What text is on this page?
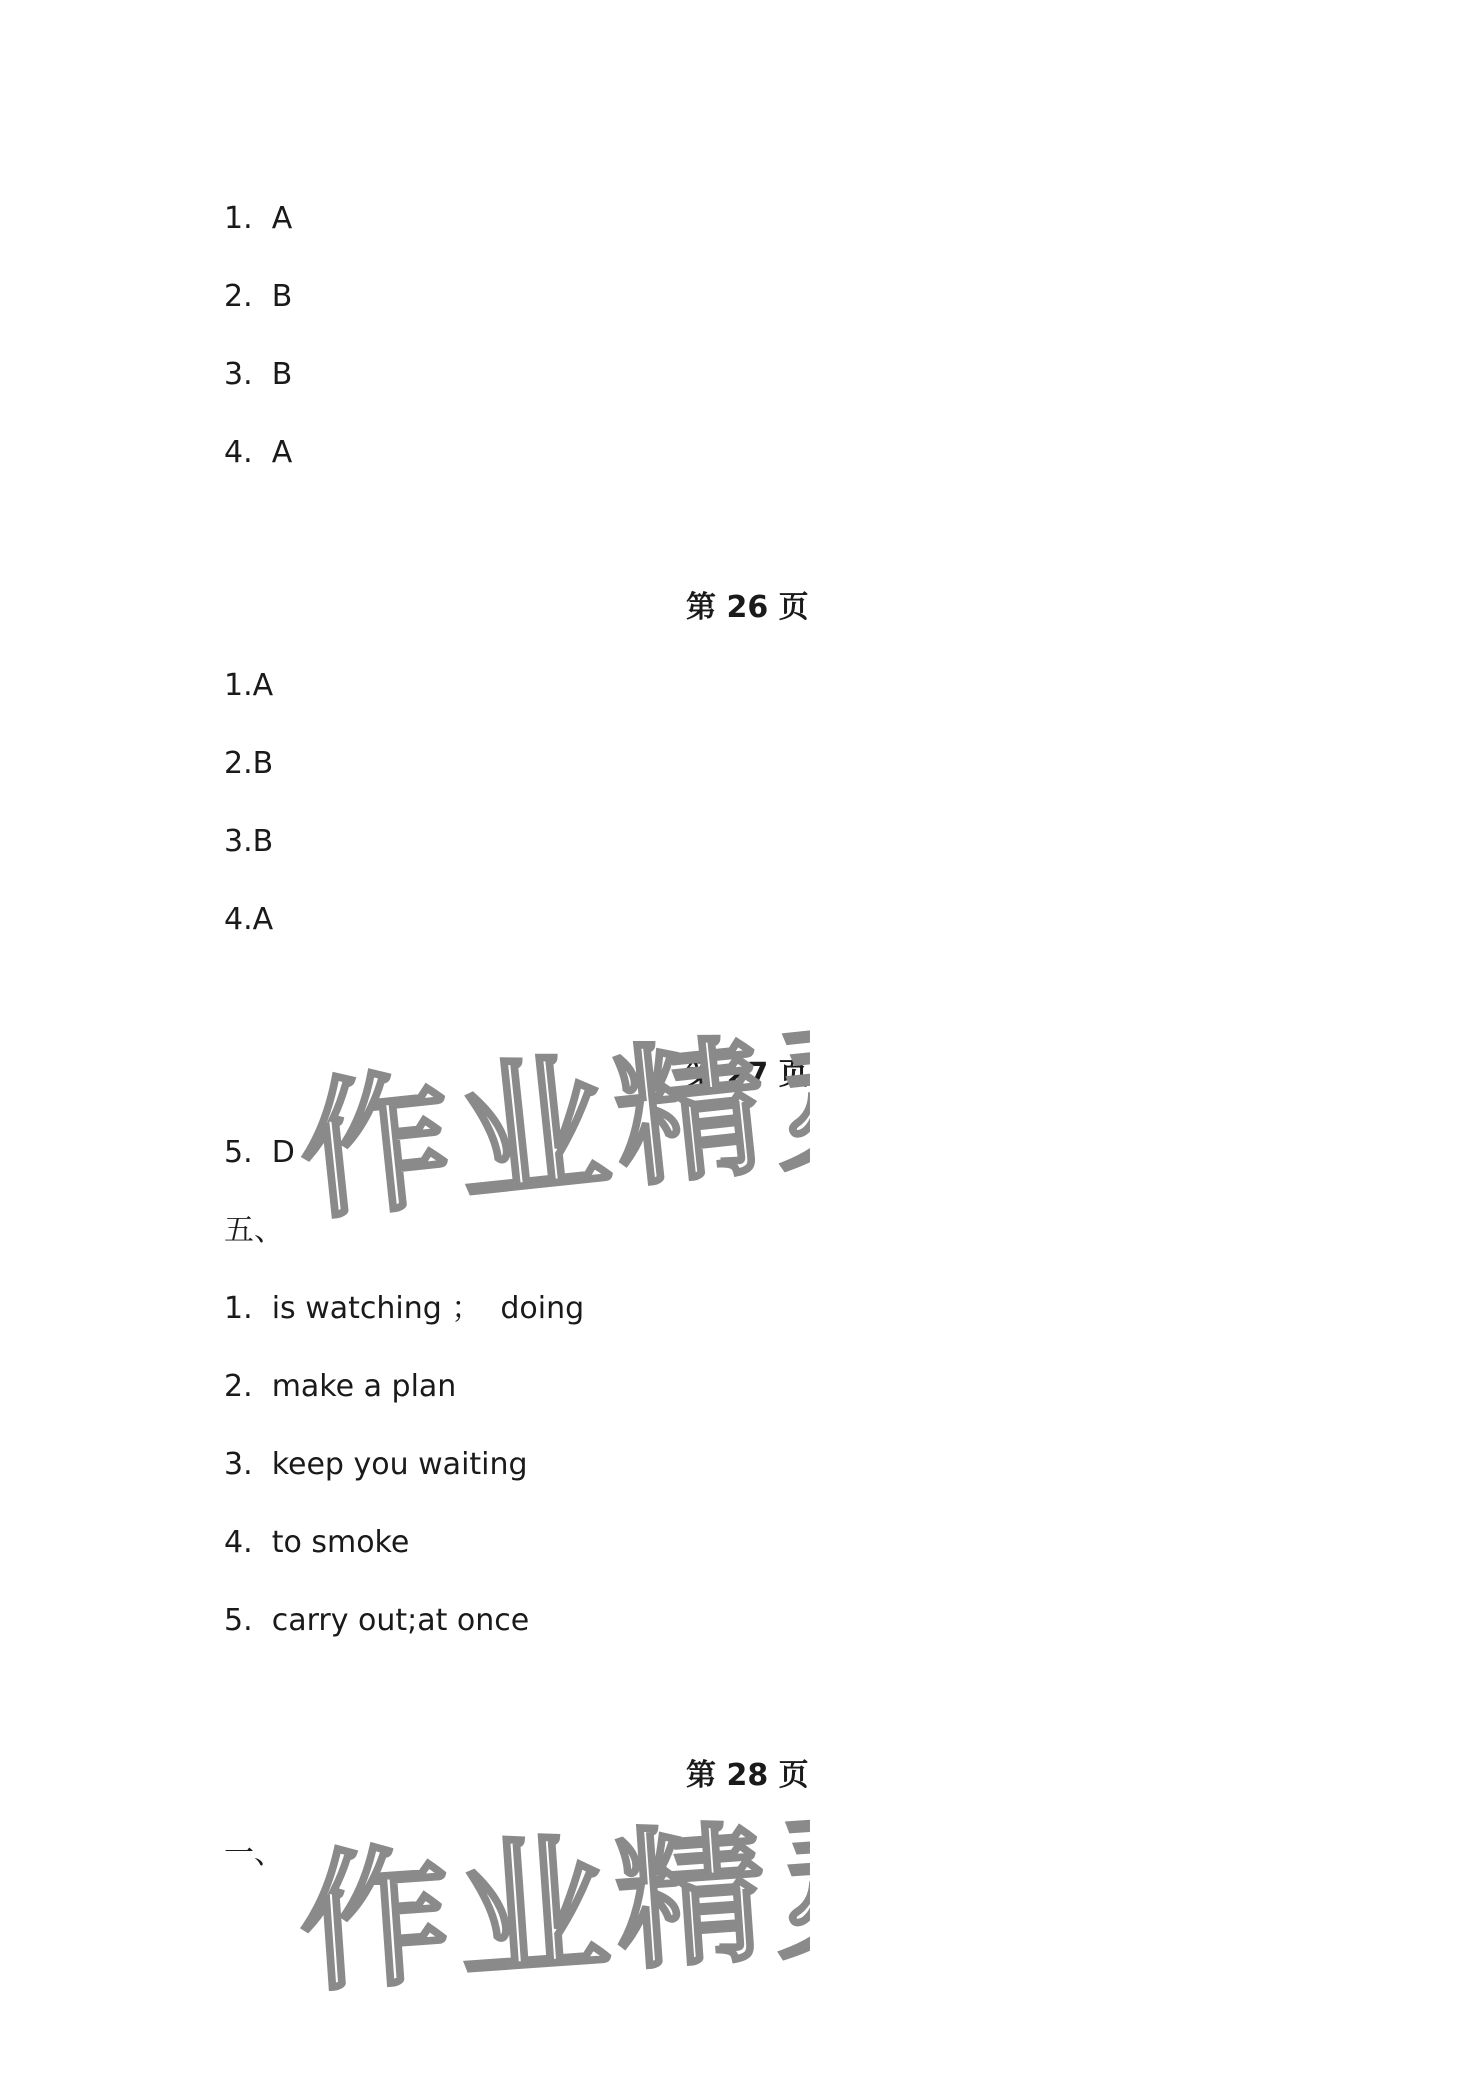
1.  A
2.  B
3.  B
4.  A
第 26 页
1.A
2.B
3.B
4.A
第 27 页
5.  D
五、
1.  is watching ；  doing
2.  make a plan
3.  keep you waiting
4.  to smoke
5.  carry out;at once
第 28 页
一、
作业精灵
作业精灵
